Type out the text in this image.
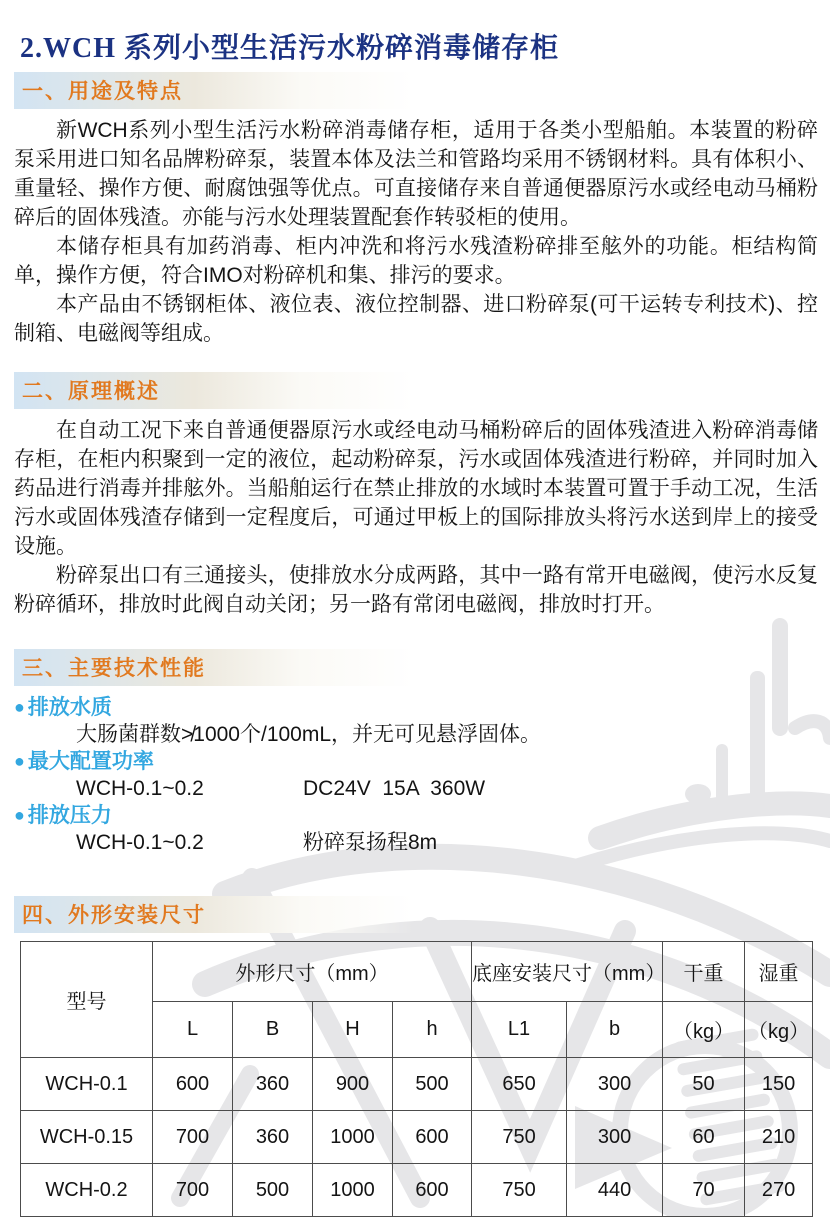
2.WCH 系列小型生活污水粉碎消毒储存柜
一、用途及特点

新WCH系列小型生活污水粉碎消毒储存柜，适用于各类小型船舶。本装置的粉碎泵采用进口知名品牌粉碎泵，装置本体及法兰和管路均采用不锈钢材料。具有体积小、重量轻、操作方便、耐腐蚀强等优点。可直接储存来自普通便器原污水或经电动马桶粉碎后的固体残渣。亦能与污水处理装置配套作转驳柜的使用。

本储存柜具有加药消毒、柜内冲洗和将污水残渣粉碎排至舷外的功能。柜结构简单，操作方便，符合IMO对粉碎机和集、排污的要求。

本产品由不锈钢柜体、液位表、液位控制器、进口粉碎泵(可干运转专利技术)、控制箱、电磁阀等组成。

二、原理概述

在自动工况下来自普通便器原污水或经电动马桶粉碎后的固体残渣进入粉碎消毒储存柜，在柜内积聚到一定的液位，起动粉碎泵，污水或固体残渣进行粉碎，并同时加入药品进行消毒并排舷外。当船舶运行在禁止排放的水域时本装置可置于手动工况，生活污水或固体残渣存储到一定程度后，可通过甲板上的国际排放头将污水送到岸上的接受设施。

粉碎泵出口有三通接头，使排放水分成两路，其中一路有常开电磁阀，使污水反复粉碎循环，排放时此阀自动关闭；另一路有常闭电磁阀，排放时打开。

三、主要技术性能
● 排放水质
大肠菌群数≯1000个/100mL，并无可见悬浮固体。
● 最大配置功率
WCH-0.1~0.2	DC24V  15A  360W
● 排放压力
WCH-0.1~0.2	粉碎泵扬程8m
四、外形安装尺寸
型号	外形尺寸（mm）				底座安装尺寸（mm）		干重	湿重
	L	B	H	h	L1	b	（kg）	（kg）
WCH-0.1	600	360	900	500	650	300	50	150
WCH-0.15	700	360	1000	600	750	300	60	210
WCH-0.2	700	500	1000	600	750	440	70	270
